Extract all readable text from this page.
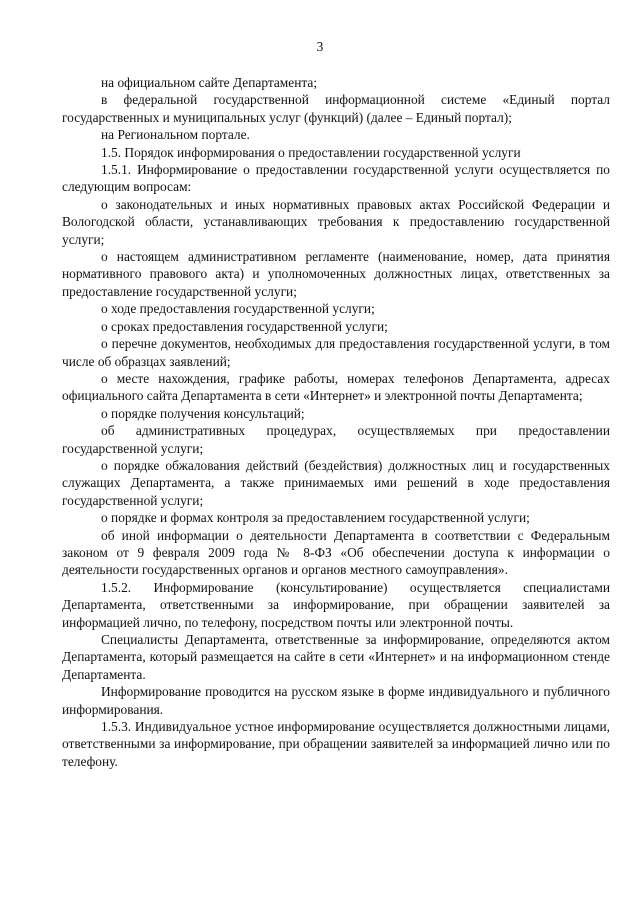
3

на официальном сайте Департамента;

в федеральной государственной информационной системе «Единый портал государственных и муниципальных услуг (функций) (далее – Единый портал);

на Региональном портале.

1.5. Порядок информирования о предоставлении государственной услуги

1.5.1. Информирование о предоставлении государственной услуги осуществляется по следующим вопросам:

о законодательных и иных нормативных правовых актах Российской Федерации и Вологодской области, устанавливающих требования к предоставлению государственной услуги;

о настоящем административном регламенте (наименование, номер, дата принятия нормативного правового акта) и уполномоченных должностных лицах, ответственных за предоставление государственной услуги;

о ходе предоставления государственной услуги;

о сроках предоставления государственной услуги;

о перечне документов, необходимых для предоставления государственной услуги, в том числе об образцах заявлений;

о месте нахождения, графике работы, номерах телефонов Департамента, адресах официального сайта Департамента в сети «Интернет» и электронной почты Департамента;

о порядке получения консультаций;

об административных процедурах, осуществляемых при предоставлении государственной услуги;

о порядке обжалования действий (бездействия) должностных лиц и государственных служащих Департамента, а также принимаемых ими решений в ходе предоставления государственной услуги;

о порядке и формах контроля за предоставлением государственной услуги;

об иной информации о деятельности Департамента в соответствии с Федеральным законом от 9 февраля 2009 года № 8-ФЗ «Об обеспечении доступа к информации о деятельности государственных органов и органов местного самоуправления».

1.5.2. Информирование (консультирование) осуществляется специалистами Департамента, ответственными за информирование, при обращении заявителей за информацией лично, по телефону, посредством почты или электронной почты.

Специалисты Департамента, ответственные за информирование, определяются актом Департамента, который размещается на сайте в сети «Интернет» и на информационном стенде Департамента.

Информирование проводится на русском языке в форме индивидуального и публичного информирования.

1.5.3. Индивидуальное устное информирование осуществляется должностными лицами, ответственными за информирование, при обращении заявителей за информацией лично или по телефону.
